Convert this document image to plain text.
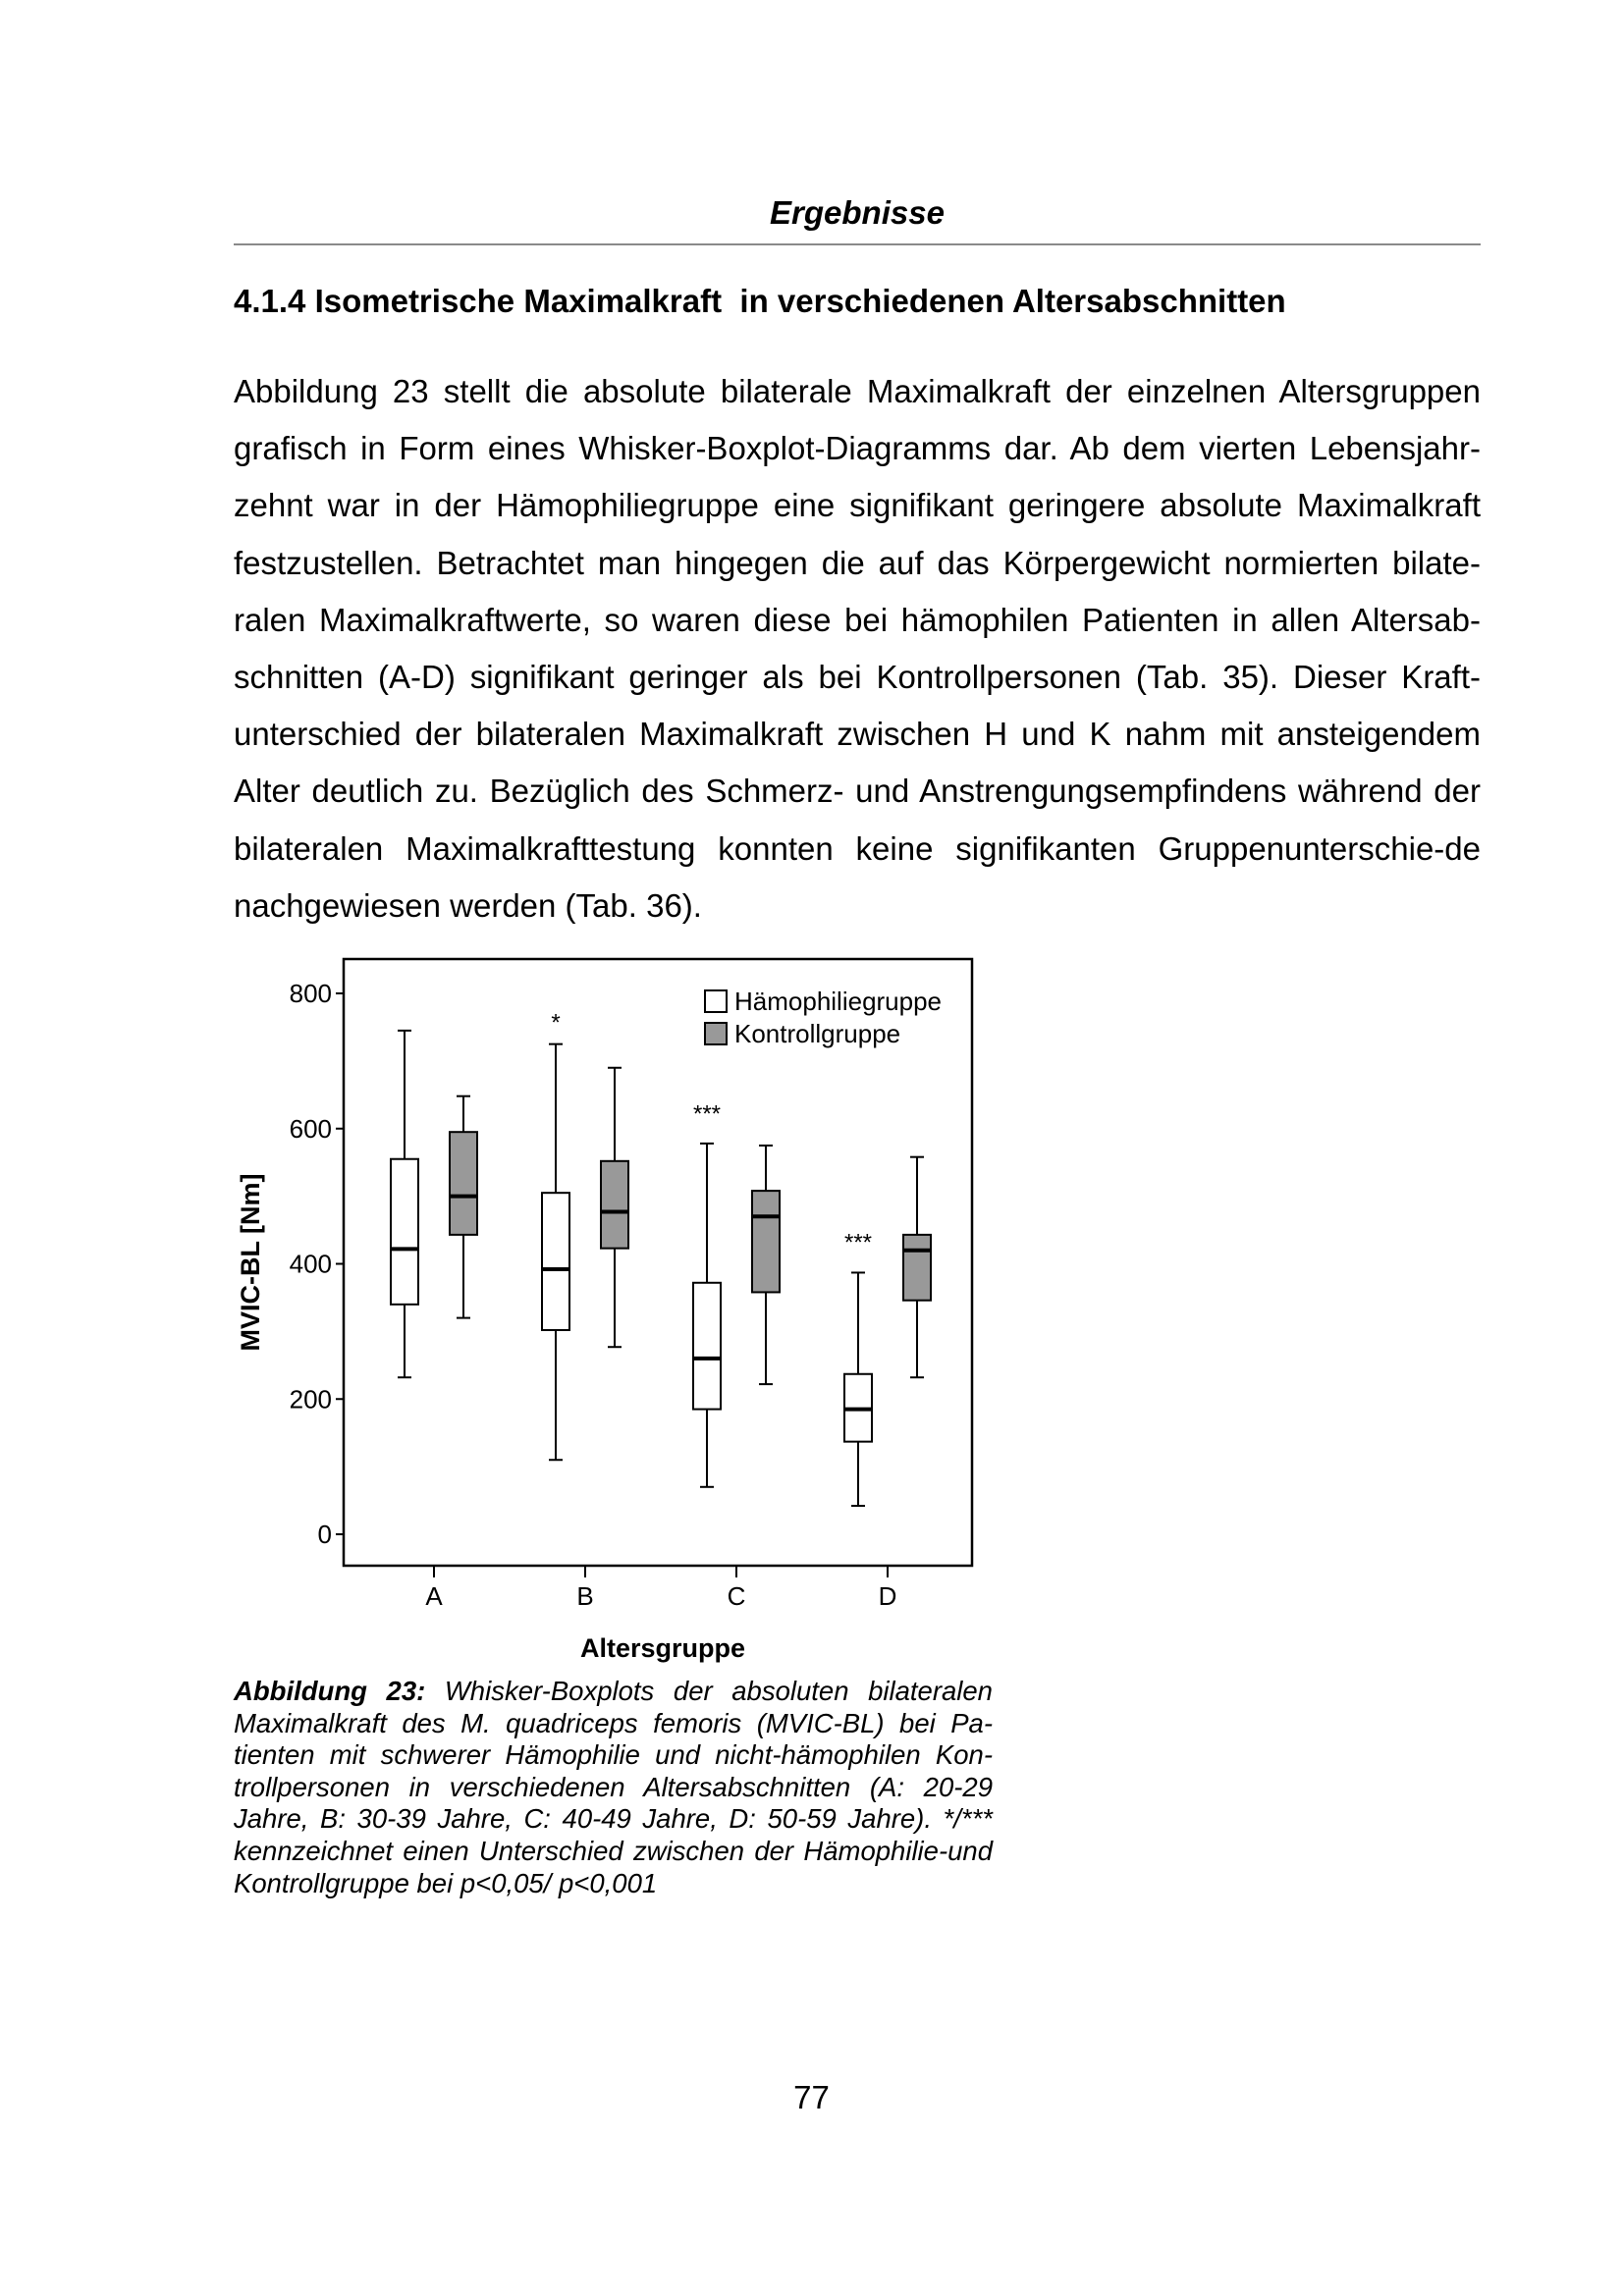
Ergebnisse
4.1.4 Isometrische Maximalkraft  in verschiedenen Altersabschnitten

Abbildung 23 stellt die absolute bilaterale Maximalkraft der einzelnen Altersgruppen grafisch in Form eines Whisker-Boxplot-Diagramms dar. Ab dem vierten Lebensjahr-zehnt war in der Hämophiliegruppe eine signifikant geringere absolute Maximalkraft festzustellen. Betrachtet man hingegen die auf das Körpergewicht normierten bilate-ralen Maximalkraftwerte, so waren diese bei hämophilen Patienten in allen Altersab-schnitten (A-D) signifikant geringer als bei Kontrollpersonen (Tab. 35). Dieser Kraft-unterschied der bilateralen Maximalkraft zwischen H und K nahm mit ansteigendem Alter deutlich zu. Bezüglich des Schmerz- und Anstrengungsempfindens während der bilateralen Maximalkrafttestung konnten keine signifikanten Gruppenunterschie-de nachgewiesen werden (Tab. 36).

0
200
400
600
800
MVIC-BL [Nm]
A	B	C	D
Altersgruppe
*
***
***
Hämophiliegruppe
Kontrollgruppe

Abbildung 23: Whisker-Boxplots der absoluten bilateralen Maximalkraft des M. quadriceps femoris (MVIC-BL) bei Pa-tienten mit schwerer Hämophilie und nicht-hämophilen Kon-trollpersonen in verschiedenen Altersabschnitten (A: 20-29 Jahre, B: 30-39 Jahre, C: 40-49 Jahre, D: 50-59 Jahre). */*** kennzeichnet einen Unterschied zwischen der Hämophilie-und Kontrollgruppe bei p<0,05/ p<0,001

77
